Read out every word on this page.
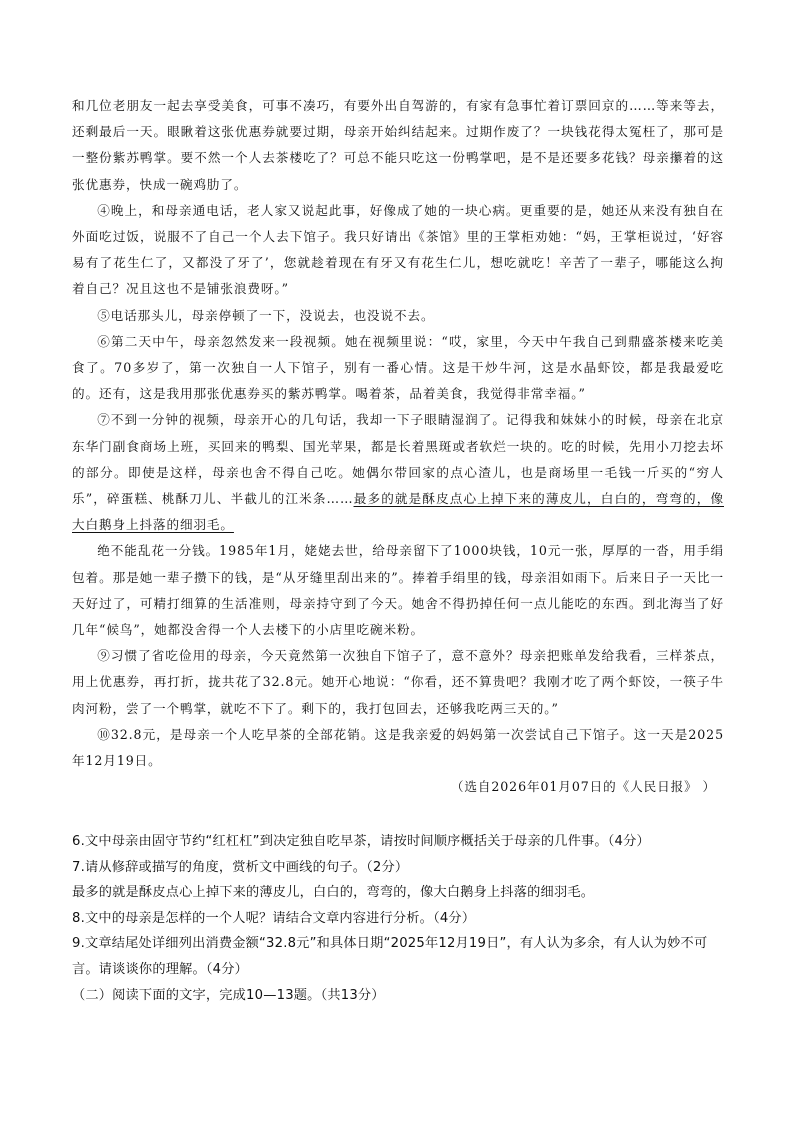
和几位老朋友一起去享受美食，可事不凑巧，有要外出自驾游的，有家有急事忙着订票回京的……等来等去，还剩最后一天。眼瞅着这张优惠券就要过期，母亲开始纠结起来。过期作废了？一块钱花得太冤枉了，那可是一整份紫苏鸭掌。要不然一个人去茶楼吃了？可总不能只吃这一份鸭掌吧，是不是还要多花钱？母亲攥着的这张优惠券，快成一碗鸡肋了。

④晚上，和母亲通电话，老人家又说起此事，好像成了她的一块心病。更重要的是，她还从来没有独自在外面吃过饭，说服不了自己一个人去下馆子。我只好请出《茶馆》里的王掌柜劝她：“妈，王掌柜说过，‘好容易有了花生仁了，又都没了牙了’，您就趁着现在有牙又有花生仁儿，想吃就吃！辛苦了一辈子，哪能这么拘着自己？况且这也不是铺张浪费呀。”

⑤电话那头儿，母亲停顿了一下，没说去，也没说不去。

⑥第二天中午，母亲忽然发来一段视频。她在视频里说：“哎，家里，今天中午我自己到鼎盛茶楼来吃美食了。70多岁了，第一次独自一人下馆子，别有一番心情。这是干炒牛河，这是水晶虾饺，都是我最爱吃的。还有，这是我用那张优惠券买的紫苏鸭掌。喝着茶，品着美食，我觉得非常幸福。”

⑦不到一分钟的视频，母亲开心的几句话，我却一下子眼睛湿润了。记得我和妹妹小的时候，母亲在北京东华门副食商场上班，买回来的鸭梨、国光苹果，都是长着黑斑或者软烂一块的。吃的时候，先用小刀挖去坏的部分。即使是这样，母亲也舍不得自己吃。她偶尔带回家的点心渣儿，也是商场里一毛钱一斤买的“穷人乐”，碎蛋糕、桃酥刀儿、半截儿的江米条……最多的就是酥皮点心上掉下来的薄皮儿，白白的，弯弯的，像大白鹅身上抖落的细羽毛。

绝不能乱花一分钱。1985年1月，姥姥去世，给母亲留下了1000块钱，10元一张，厚厚的一沓，用手绢包着。那是她一辈子攒下的钱，是“从牙缝里刮出来的”。捧着手绢里的钱，母亲泪如雨下。后来日子一天比一天好过了，可精打细算的生活准则，母亲持守到了今天。她舍不得扔掉任何一点儿能吃的东西。到北海当了好几年“候鸟”，她都没舍得一个人去楼下的小店里吃碗米粉。

⑨习惯了省吃俭用的母亲，今天竟然第一次独自下馆子了，意不意外？母亲把账单发给我看，三样茶点，用上优惠券，再打折，拢共花了32.8元。她开心地说：“你看，还不算贵吧？我刚才吃了两个虾饺，一筷子牛肉河粉，尝了一个鸭掌，就吃不下了。剩下的，我打包回去，还够我吃两三天的。”

⑩32.8元，是母亲一个人吃早茶的全部花销。这是我亲爱的妈妈第一次尝试自己下馆子。这一天是2025年12月19日。

（选自2026年01月07日的《人民日报》 ）

6.文中母亲由固守节约“红杠杠”到决定独自吃早茶，请按时间顺序概括关于母亲的几件事。（4分）

7.请从修辞或描写的角度，赏析文中画线的句子。（2分）

最多的就是酥皮点心上掉下来的薄皮儿，白白的，弯弯的，像大白鹅身上抖落的细羽毛。

8.文中的母亲是怎样的一个人呢？请结合文章内容进行分析。（4分）

9.文章结尾处详细列出消费金额“32.8元”和具体日期“2025年12月19日”，有人认为多余，有人认为妙不可言。请谈谈你的理解。（4分）

（二）阅读下面的文字，完成10—13题。（共13分）
